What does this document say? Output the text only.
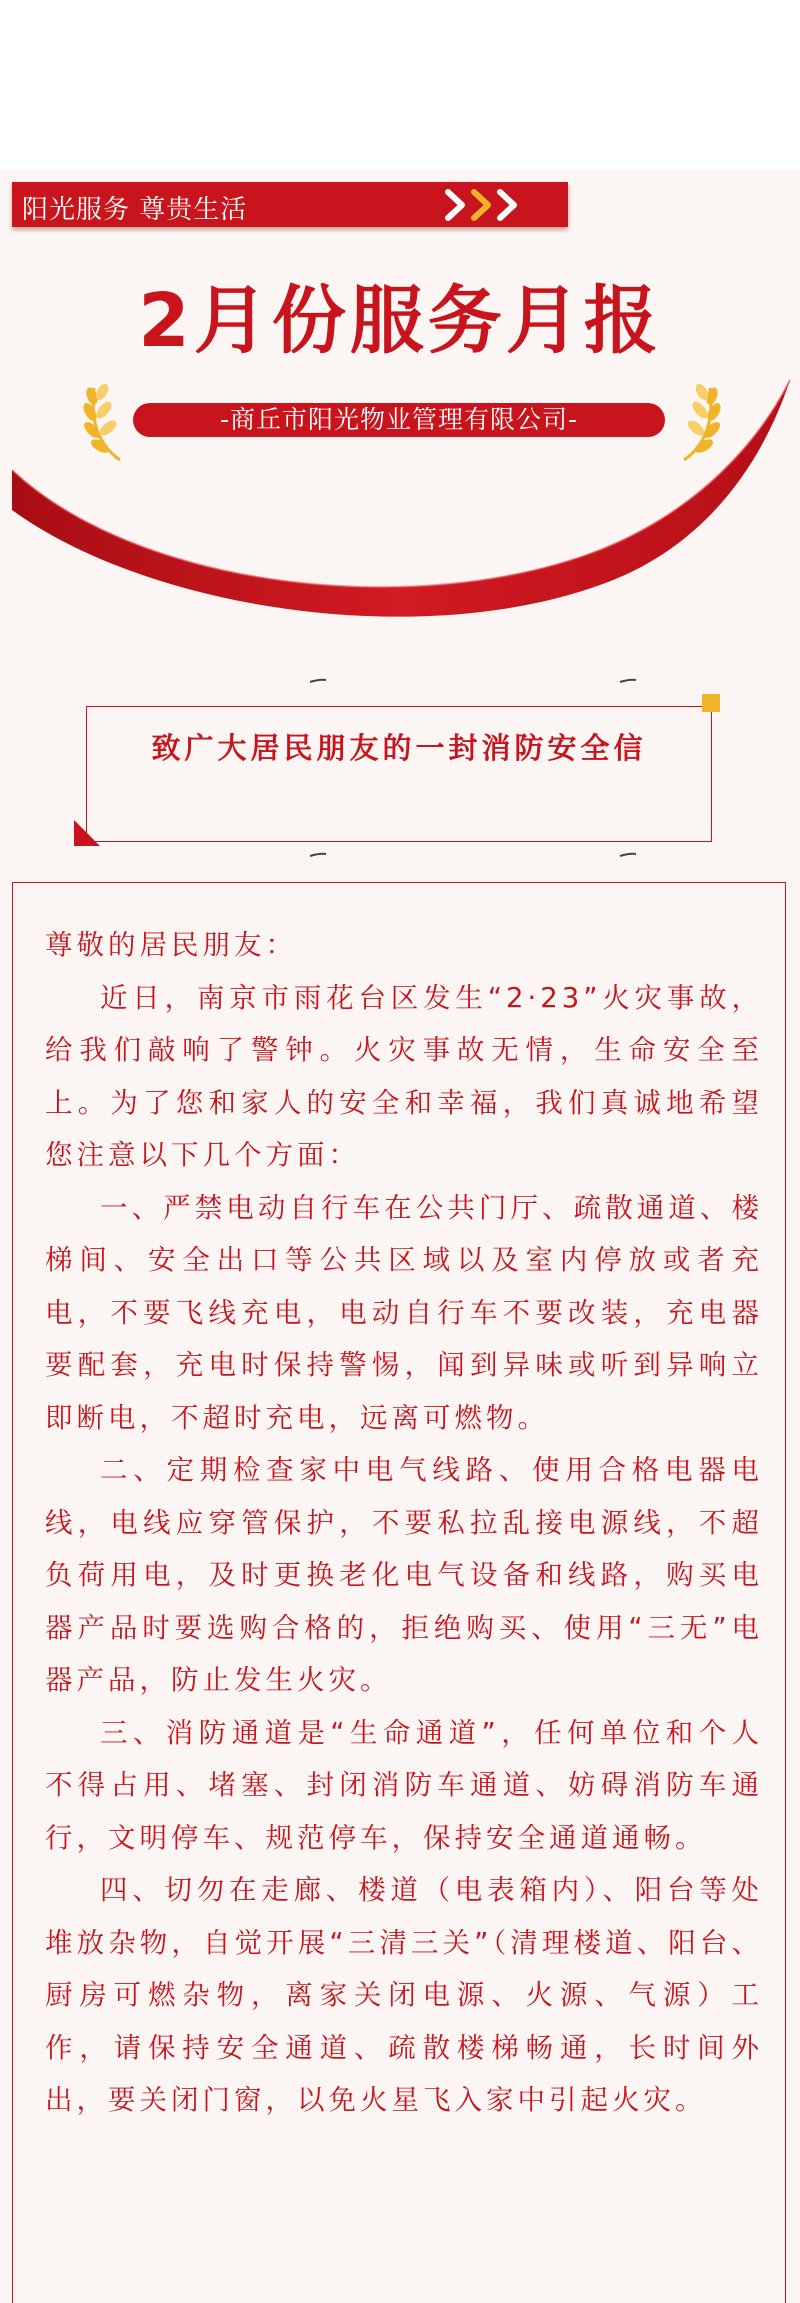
阳光服务 尊贵生活
2月份服务月报
-商丘市阳光物业管理有限公司-
致广大居民朋友的一封消防安全信

尊敬的居民朋友：

近日，南京市雨花台区发生“2·23”火灾事故，给我们敲响了警钟。火灾事故无情，生命安全至上。为了您和家人的安全和幸福，我们真诚地希望您注意以下几个方面：

一、严禁电动自行车在公共门厅、疏散通道、楼梯间、安全出口等公共区域以及室内停放或者充电，不要飞线充电，电动自行车不要改装，充电器要配套，充电时保持警惕，闻到异味或听到异响立即断电，不超时充电，远离可燃物。

二、定期检查家中电气线路、使用合格电器电线，电线应穿管保护，不要私拉乱接电源线，不超负荷用电，及时更换老化电气设备和线路，购买电器产品时要选购合格的，拒绝购买、使用“三无”电器产品，防止发生火灾。

三、消防通道是“生命通道”，任何单位和个人不得占用、堵塞、封闭消防车通道、妨碍消防车通行，文明停车、规范停车，保持安全通道通畅。

四、切勿在走廊、楼道（电表箱内）、阳台等处堆放杂物，自觉开展“三清三关”（清理楼道、阳台、厨房可燃杂物，离家关闭电源、火源、气源）工作，请保持安全通道、疏散楼梯畅通，长时间外出，要关闭门窗，以免火星飞入家中引起火灾。
